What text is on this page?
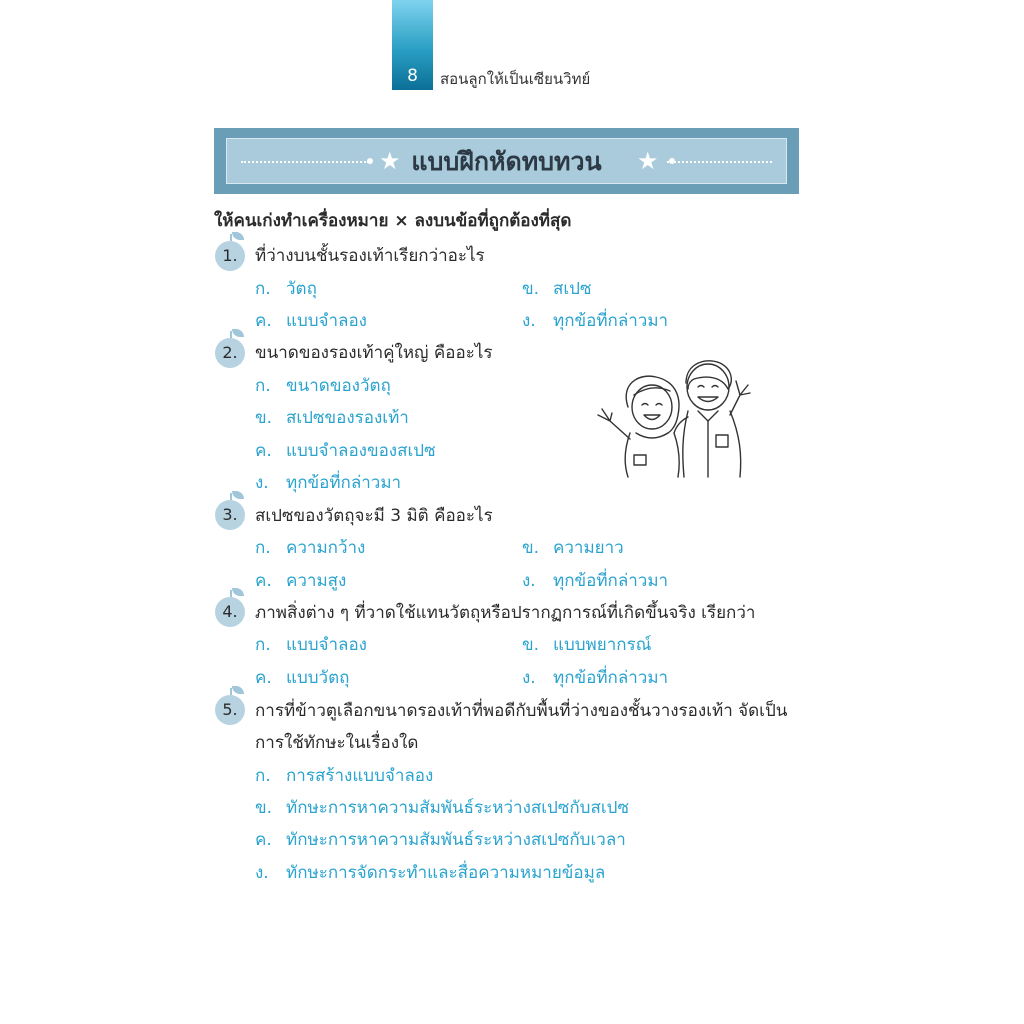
8	สอนลูกให้เป็นเซียนวิทย์
★ แบบฝึกหัดทบทวน	★
ให้คนเก่งทำเครื่องหมาย × ลงบนข้อที่ถูกต้องที่สุด
1.	ที่ว่างบนชั้นรองเท้าเรียกว่าอะไร
ก. วัตถุ	ข. สเปซ
ค. แบบจำลอง	ง. ทุกข้อที่กล่าวมา
2.	ขนาดของรองเท้าคู่ใหญ่ คืออะไร
ก. ขนาดของวัตถุ
ข. สเปซของรองเท้า
ค. แบบจำลองของสเปซ
ง. ทุกข้อที่กล่าวมา
3.	สเปซของวัตถุจะมี 3 มิติ คืออะไร
ก. ความกว้าง	ข. ความยาว
ค. ความสูง	ง. ทุกข้อที่กล่าวมา
4.	ภาพสิ่งต่าง ๆ ที่วาดใช้แทนวัตถุหรือปรากฏการณ์ที่เกิดขึ้นจริง เรียกว่า
ก. แบบจำลอง	ข. แบบพยากรณ์
ค. แบบวัตถุ	ง. ทุกข้อที่กล่าวมา
5.	การที่ข้าวตูเลือกขนาดรองเท้าที่พอดีกับพื้นที่ว่างของชั้นวางรองเท้า จัดเป็น
การใช้ทักษะในเรื่องใด
ก. การสร้างแบบจำลอง
ข. ทักษะการหาความสัมพันธ์ระหว่างสเปซกับสเปซ
ค. ทักษะการหาความสัมพันธ์ระหว่างสเปซกับเวลา
ง. ทักษะการจัดกระทำและสื่อความหมายข้อมูล
